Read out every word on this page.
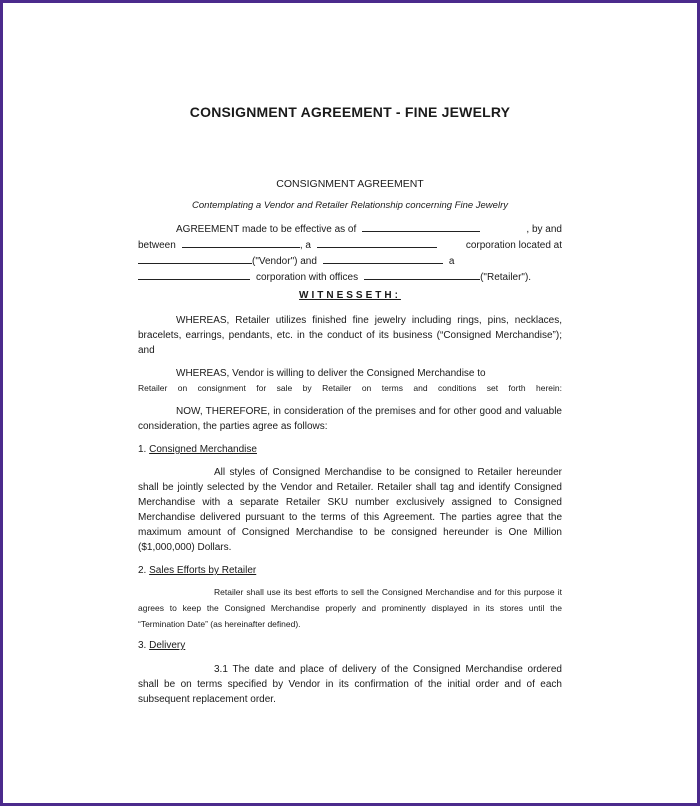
CONSIGNMENT AGREEMENT - FINE JEWELRY
CONSIGNMENT AGREEMENT
Contemplating a Vendor and Retailer Relationship concerning Fine Jewelry
AGREEMENT made to be effective as of	, by and
between	, a	corporation located at
("Vendor") and	a
corporation with offices	("Retailer").
WITNESSETH:
WHEREAS, Retailer utilizes finished fine jewelry including rings, pins, necklaces, bracelets, earrings, pendants, etc. in the conduct of its business (“Consigned Merchandise”); and
WHEREAS, Vendor is willing to deliver the Consigned Merchandise to
Retailer on consignment for sale by Retailer on terms and conditions set forth herein:
NOW, THEREFORE, in consideration of the premises and for other good and valuable consideration, the parties agree as follows:
1. Consigned Merchandise
All styles of Consigned Merchandise to be consigned to Retailer hereunder shall be jointly selected by the Vendor and Retailer. Retailer shall tag and identify Consigned Merchandise with a separate Retailer SKU number exclusively assigned to Consigned Merchandise delivered pursuant to the terms of this Agreement. The parties agree that the maximum amount of Consigned Merchandise to be consigned hereunder is One Million ($1,000,000) Dollars.
2. Sales Efforts by Retailer
Retailer shall use its best efforts to sell the Consigned Merchandise and for this purpose it agrees to keep the Consigned Merchandise properly and prominently displayed in its stores until the “Termination Date” (as hereinafter defined).
3. Delivery
3.1 The date and place of delivery of the Consigned Merchandise ordered shall be on terms specified by Vendor in its confirmation of the initial order and of each subsequent replacement order.
